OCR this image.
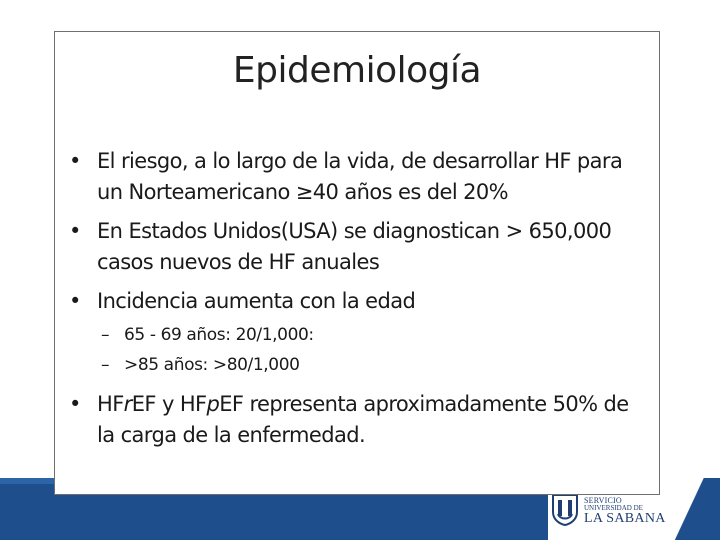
SERVICIO
UNIVERSIDAD DE
LA SABANA
Epidemiología
• El riesgo, a lo largo de la vida, de desarrollar HF para un Norteamericano ≥40 años es del 20%
• En Estados Unidos(USA) se diagnostican > 650,000 casos nuevos de HF anuales
• Incidencia aumenta con la edad
– 65 - 69 años: 20/1,000:
– >85 años: >80/1,000
• HFrEF y HFpEF representa aproximadamente 50% de la carga de la enfermedad.
